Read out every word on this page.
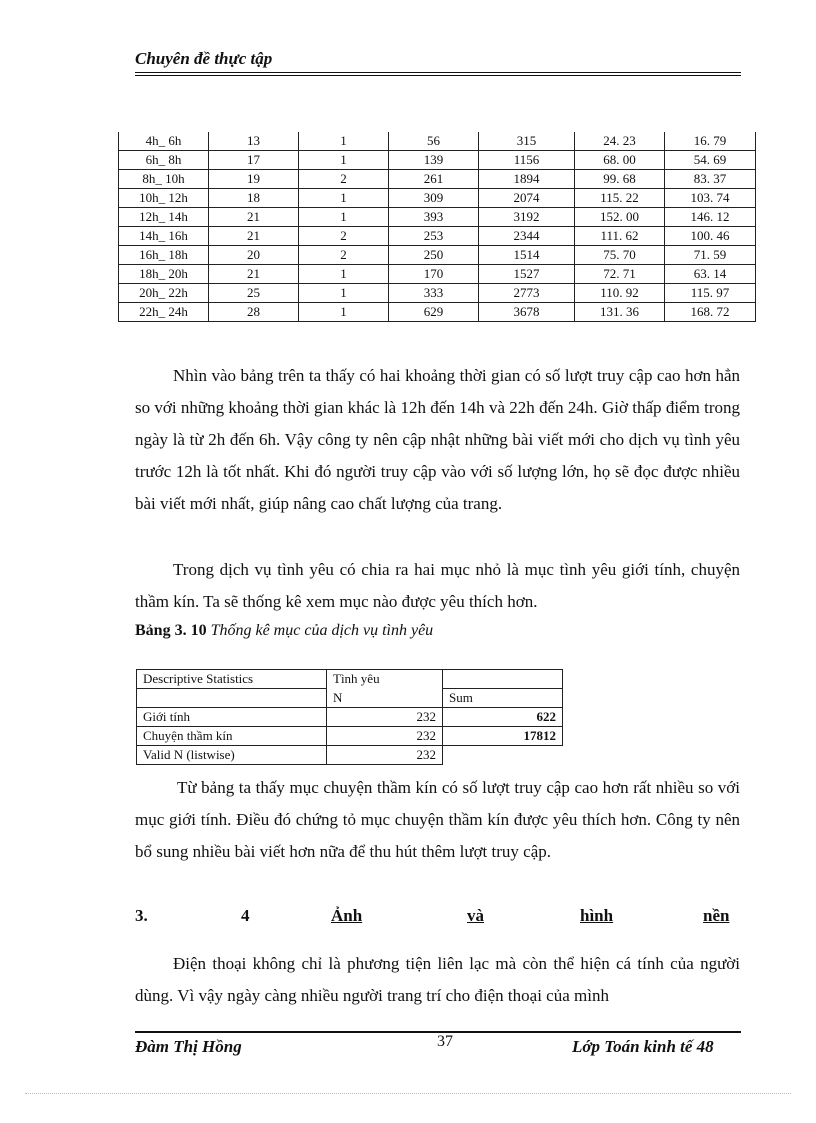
Chuyên đề thực tập
4h_ 6h	13	1	56	315	24. 23	16. 79
6h_ 8h	17	1	139	1156	68. 00	54. 69
8h_ 10h	19	2	261	1894	99. 68	83. 37
10h_ 12h	18	1	309	2074	115. 22	103. 74
12h_ 14h	21	1	393	3192	152. 00	146. 12
14h_ 16h	21	2	253	2344	111. 62	100. 46
16h_ 18h	20	2	250	1514	75. 70	71. 59
18h_ 20h	21	1	170	1527	72. 71	63. 14
20h_ 22h	25	1	333	2773	110. 92	115. 97
22h_ 24h	28	1	629	3678	131. 36	168. 72

Nhìn vào bảng trên ta thấy có hai khoảng thời gian có số lượt truy cập cao hơn hẳn so với những khoảng thời gian khác là 12h đến 14h và 22h đến 24h. Giờ thấp điểm trong ngày là từ 2h đến 6h. Vậy công ty nên cập nhật những bài viết mới cho dịch vụ tình yêu trước 12h là tốt nhất. Khi đó người truy cập vào với số lượng lớn, họ sẽ đọc được nhiều bài viết mới nhất, giúp nâng cao chất lượng của trang.

Trong dịch vụ tình yêu có chia ra hai mục nhỏ là mục tình yêu giới tính, chuyện thầm kín. Ta sẽ thống kê xem mục nào được yêu thích hơn.

Bảng 3. 10 Thống kê mục của dịch vụ tình yêu
Descriptive Statistics	Tình yêu	
	N	Sum
Giới tính	232	622
Chuyện thầm kín	232	17812
Valid N (listwise)	232	

Từ bảng ta thấy mục chuyện thầm kín có số lượt truy cập cao hơn rất nhiều so với mục giới tính. Điều đó chứng tỏ mục chuyện thầm kín được yêu thích hơn. Công ty nên bổ sung nhiều bài viết hơn nữa để thu hút thêm lượt truy cập.

3.	4	Ảnh	và	hình	nền

Điện thoại không chỉ là phương tiện liên lạc mà còn thể hiện cá tính của người dùng. Vì vậy ngày càng nhiều người trang trí cho điện thoại của mình

Đàm Thị Hồng	37	Lớp Toán kinh tế 48
